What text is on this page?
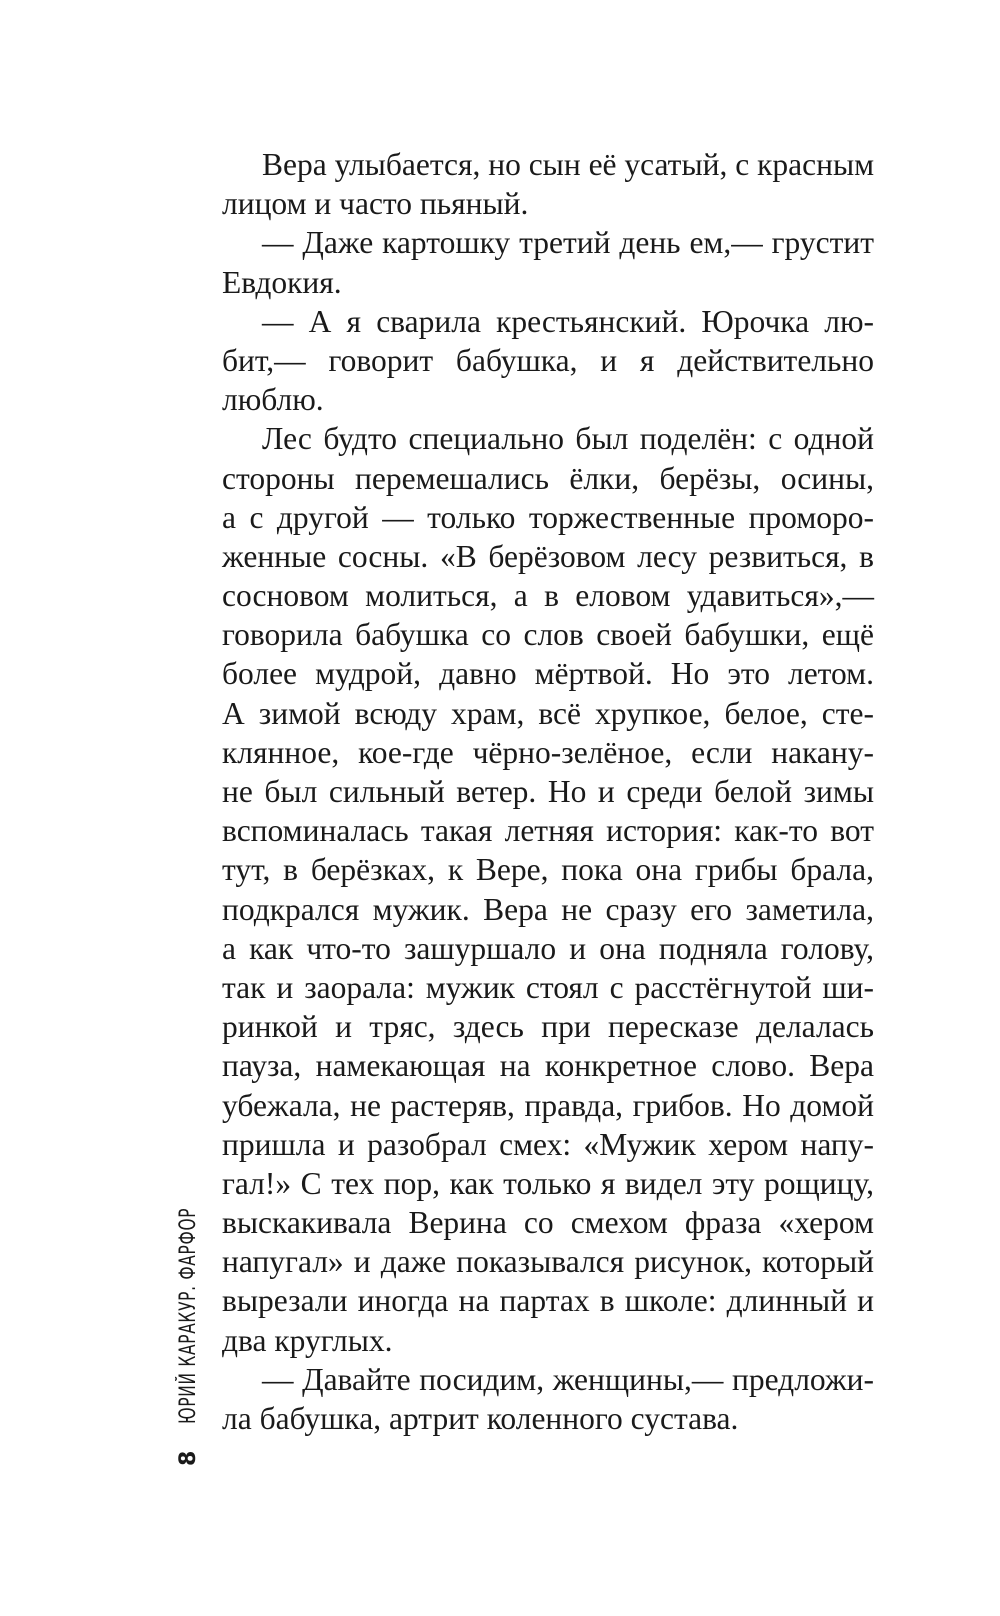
Вера улыбается, но сын её усатый, с красным
лицом и часто пьяный.
— Даже картошку третий день ем,— грустит
Евдокия.
— А я сварила крестьянский. Юрочка лю-
бит,— говорит бабушка, и я действительно
люблю.
Лес будто специально был поделён: с одной
стороны перемешались ёлки, берёзы, осины,
а с другой — только торжественные проморо-
женные сосны. «В берёзовом лесу резвиться, в
сосновом молиться, а в еловом удавиться»,—
говорила бабушка со слов своей бабушки, ещё
более мудрой, давно мёртвой. Но это летом.
А зимой всюду храм, всё хрупкое, белое, сте-
клянное, кое-где чёрно-зелёное, если накану-
не был сильный ветер. Но и среди белой зимы
вспоминалась такая летняя история: как-то вот
тут, в берёзках, к Вере, пока она грибы брала,
подкрался мужик. Вера не сразу его заметила,
а как что-то зашуршало и она подняла голову,
так и заорала: мужик стоял с расстёгнутой ши-
ринкой и тряс, здесь при пересказе делалась
пауза, намекающая на конкретное слово. Вера
убежала, не растеряв, правда, грибов. Но домой
пришла и разобрал смех: «Мужик хером напу-
гал!» С тех пор, как только я видел эту рощицу,
выскакивала Верина со смехом фраза «хером
напугал» и даже показывался рисунок, который
вырезали иногда на партах в школе: длинный и
два круглых.
— Давайте посидим, женщины,— предложи-
ла бабушка, артрит коленного сустава.
8ЮРИЙ КАРАКУР. ФАРФОР
